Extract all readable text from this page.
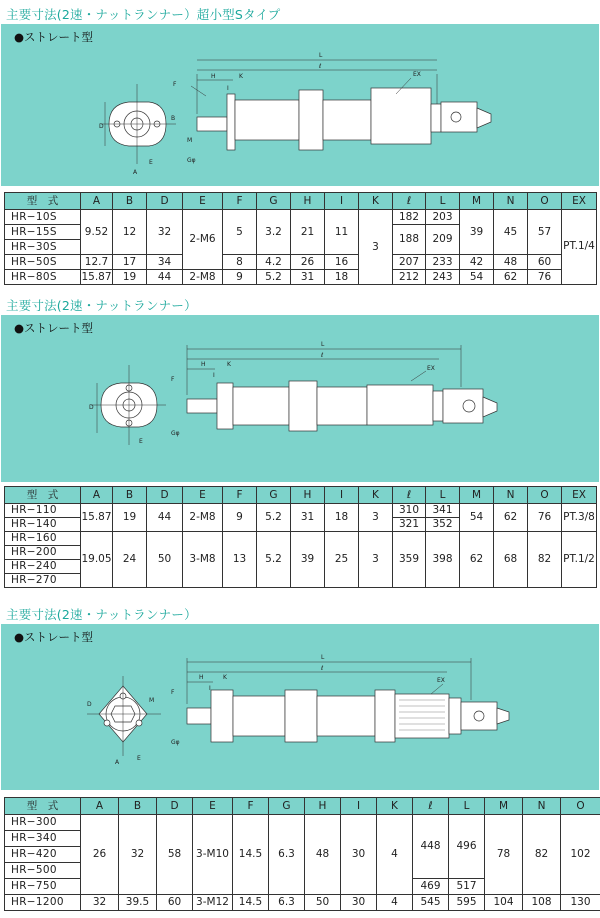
主要寸法(2速・ナットランナー）超小型Sタイプ
●ストレート型
L
ℓ
H	K
I
F
D
B
M
E
A
Gφ
EX
型　式	A	B	D	E	F	G	H	I	K	ℓ	L	M	N	O	EX
HR−10S	9.52	12	32	2-M6	5	3.2	21	11	3	182	203	39	45	57	PT.1/4
HR−15S										188	209				
HR−30S															
HR−50S	12.7	17	34		8	4.2	26	16		207	233	42	48	60	
HR−80S	15.87	19	44	2-M8	9	5.2	31	18		212	243	54	62	76	
主要寸法(2速・ナットランナー）
●ストレート型
L
ℓ
H	K
I
F
D
E
Gφ
EX
型　式	A	B	D	E	F	G	H	I	K	ℓ	L	M	N	O	EX
HR−110	15.87	19	44	2-M8	9	5.2	31	18	3	310	341	54	62	76	PT.3/8
HR−140										321	352				
HR−160	19.05	24	50	3-M8	13	5.2	39	25	3	359	398	62	68	82	PT.1/2
HR−200															
HR−240															
HR−270															
主要寸法(2速・ナットランナー）
●ストレート型
L
ℓ
H	K
I
F
D
M
E
A
Gφ
EX
型　式	A	B	D	E	F	G	H	I	K	ℓ	L	M	N	O
HR−300	26	32	58	3-M10	14.5	6.3	48	30	4	448	496	78	82	102
HR−340														
HR−420														
HR−500														
HR−750										469	517			
HR−1200	32	39.5	60	3-M12	14.5	6.3	50	30	4	545	595	104	108	130
